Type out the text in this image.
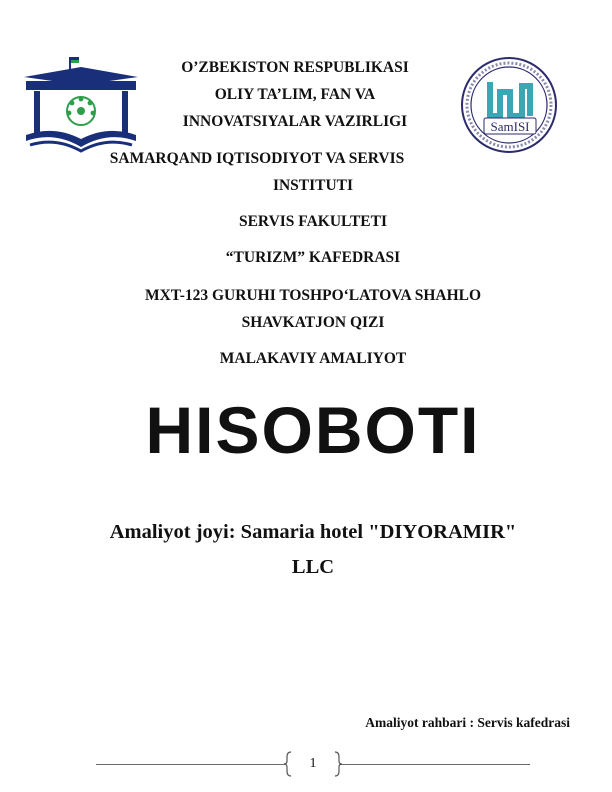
SamISI
O’ZBEKISTON RESPUBLIKASI
OLIY TA’LIM, FAN VA
INNOVATSIYALAR VAZIRLIGI
SAMARQAND IQTISODIYOT VA SERVIS
INSTITUTI
SERVIS FAKULTETI
“TURIZM” KAFEDRASI
MXT-123 GURUHI TOSHPO‘LATOVA SHAHLO
SHAVKATJON QIZI
MALAKAVIY AMALIYOT
HISOBOTI
Amaliyot joyi: Samaria hotel "DIYORAMIR"
LLC
Amaliyot rahbari : Servis kafedrasi
1
